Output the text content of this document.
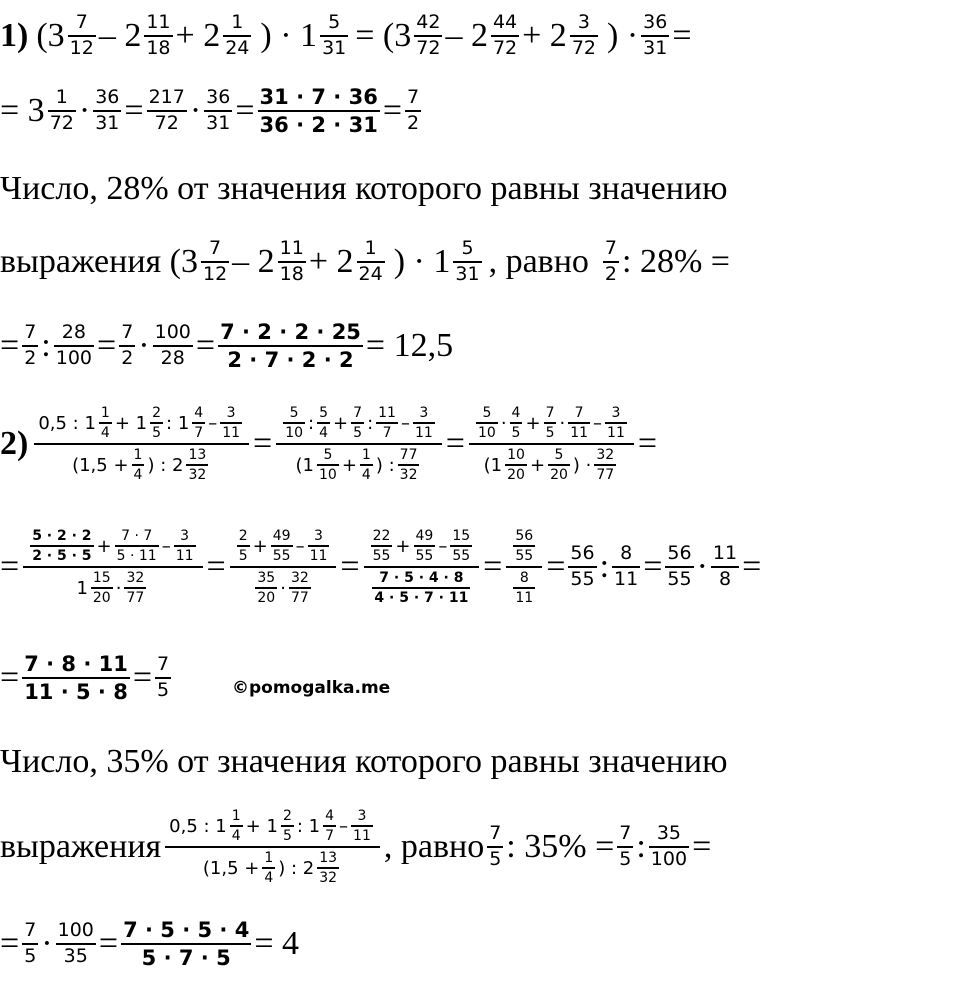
1) (3 7
12 – 2 11
18 + 2 1
24 ) · 1 5
31 = (3 42
72 – 2 44
72 + 2 3
72 ) · 36
31 =
= 3 1
72 · 36
31 = 217
72 · 36
31 = 31 · 7 · 36
36 · 2 · 31 = 7
2
Число, 28% от значения которого равны значению
выражения (3 7
12 – 2 11
18 + 2 1
24 ) · 1 5
31 , равно 7
2 : 28% =
= 7
2 : 28
100 = 7
2 · 100
28 = 7 · 2 · 2 · 25
2 · 7 · 2 · 2 = 12,5
2)
0,5 : 1 1
4 + 1 2
5 : 1 4
7 – 3
11
(1,5 + 1
4 ) : 2 13
32
=
5
10 : 5
4 + 7
5 : 11
7 – 3
11
(1 5
10 + 1
4 ) : 77
32
=
5
10 · 4
5 + 7
5 · 7
11 – 3
11
(1 10
20 + 5
20 ) · 32
77
=
=
5 · 2 · 2
2 · 5 · 5 + 7 · 7
5 · 11 – 3
11
1 15
20 · 32
77
=
2
5 + 49
55 – 3
11
35
20 · 32
77
=
22
55 + 49
55 – 15
55
7 · 5 · 4 · 8
4 · 5 · 7 · 11
=
56
55
8
11
= 56
55 : 8
11 = 56
55 · 11
8 =
= 7 · 8 · 11
11 · 5 · 8 = 7
5	©pomogalka.me
Число, 35% от значения которого равны значению
выражения
0,5 : 1 1
4 + 1 2
5 : 1 4
7 – 3
11
(1,5 + 1
4 ) : 2 13
32
, равно 7
5 : 35% = 7
5 : 35
100 =
= 7
5 · 100
35 = 7 · 5 · 5 · 4
5 · 7 · 5 = 4
